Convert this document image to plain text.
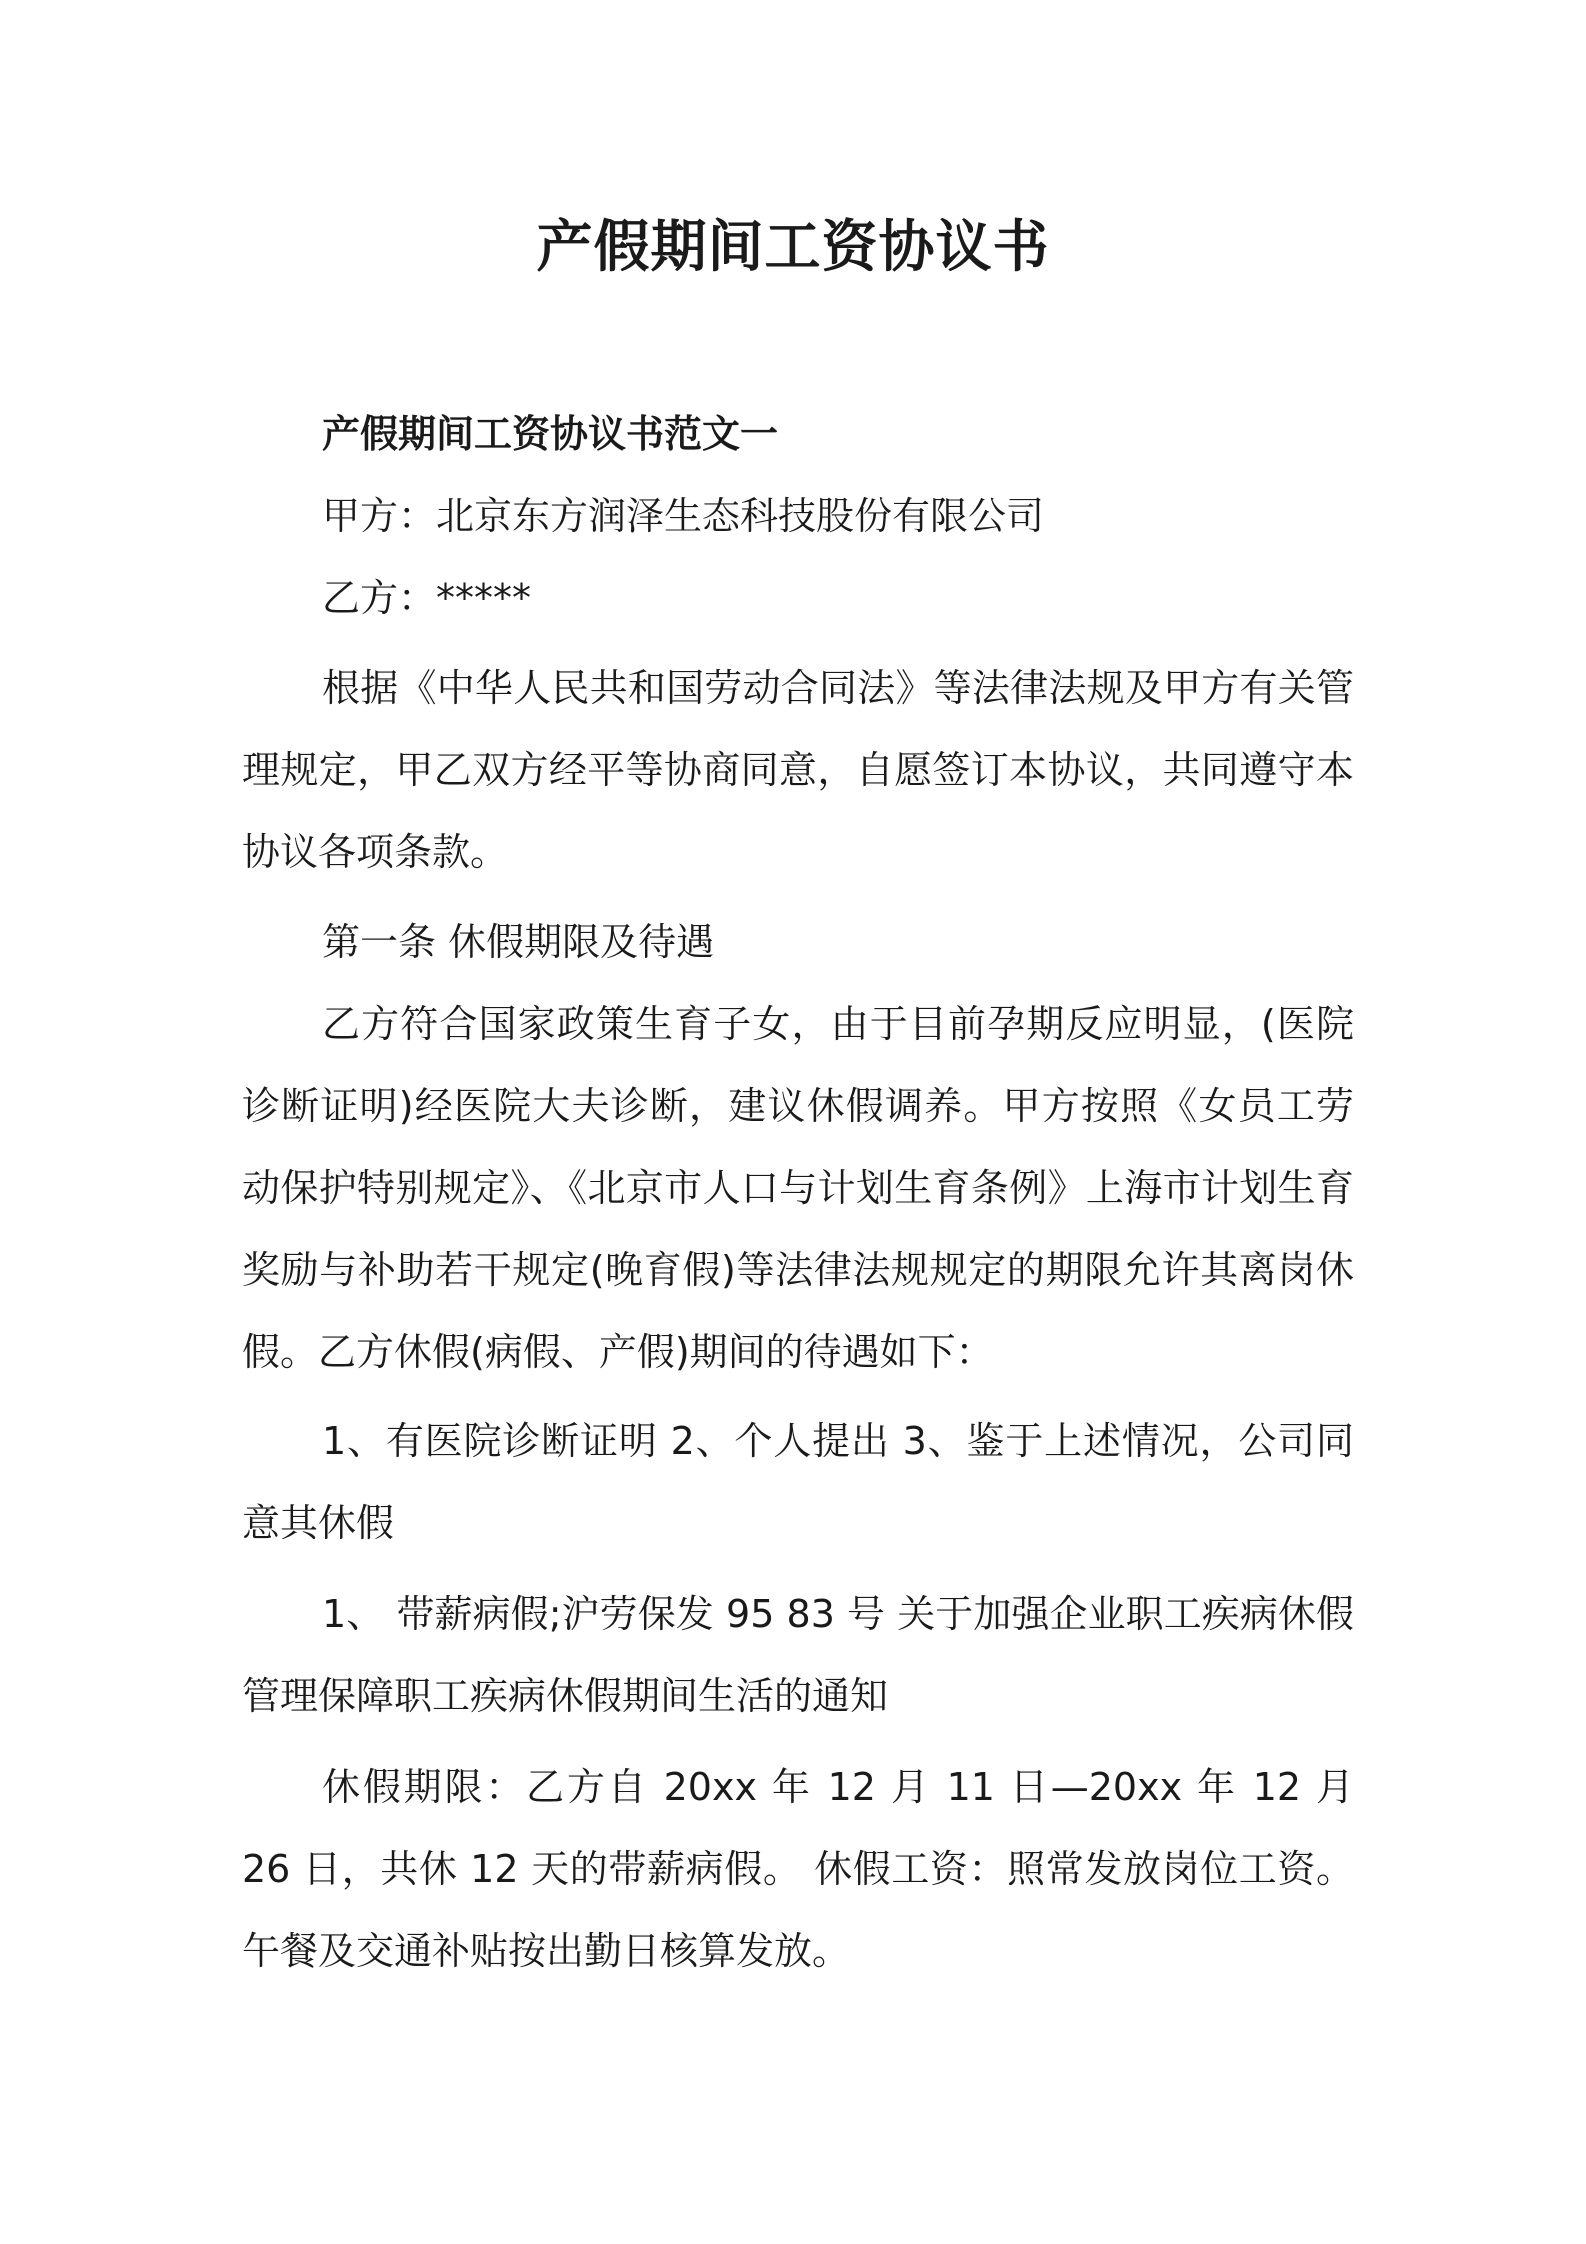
产假期间工资协议书

产假期间工资协议书范文一

甲方：北京东方润泽生态科技股份有限公司

乙方：*****

根据《中华人民共和国劳动合同法》等法律法规及甲方有关管理规定，甲乙双方经平等协商同意，自愿签订本协议，共同遵守本协议各项条款。

第一条 休假期限及待遇

乙方符合国家政策生育子女，由于目前孕期反应明显，(医院诊断证明)经医院大夫诊断，建议休假调养。甲方按照《女员工劳动保护特别规定》、《北京市人口与计划生育条例》上海市计划生育奖励与补助若干规定(晚育假)等法律法规规定的期限允许其离岗休假。乙方休假(病假、产假)期间的待遇如下：

1、有医院诊断证明 2、个人提出 3、鉴于上述情况，公司同意其休假

1、 带薪病假;沪劳保发 95 83 号 关于加强企业职工疾病休假管理保障职工疾病休假期间生活的通知

休假期限：乙方自 20xx 年 12 月 11 日—20xx 年 12 月 26 日，共休 12 天的带薪病假。 休假工资：照常发放岗位工资。午餐及交通补贴按出勤日核算发放。
